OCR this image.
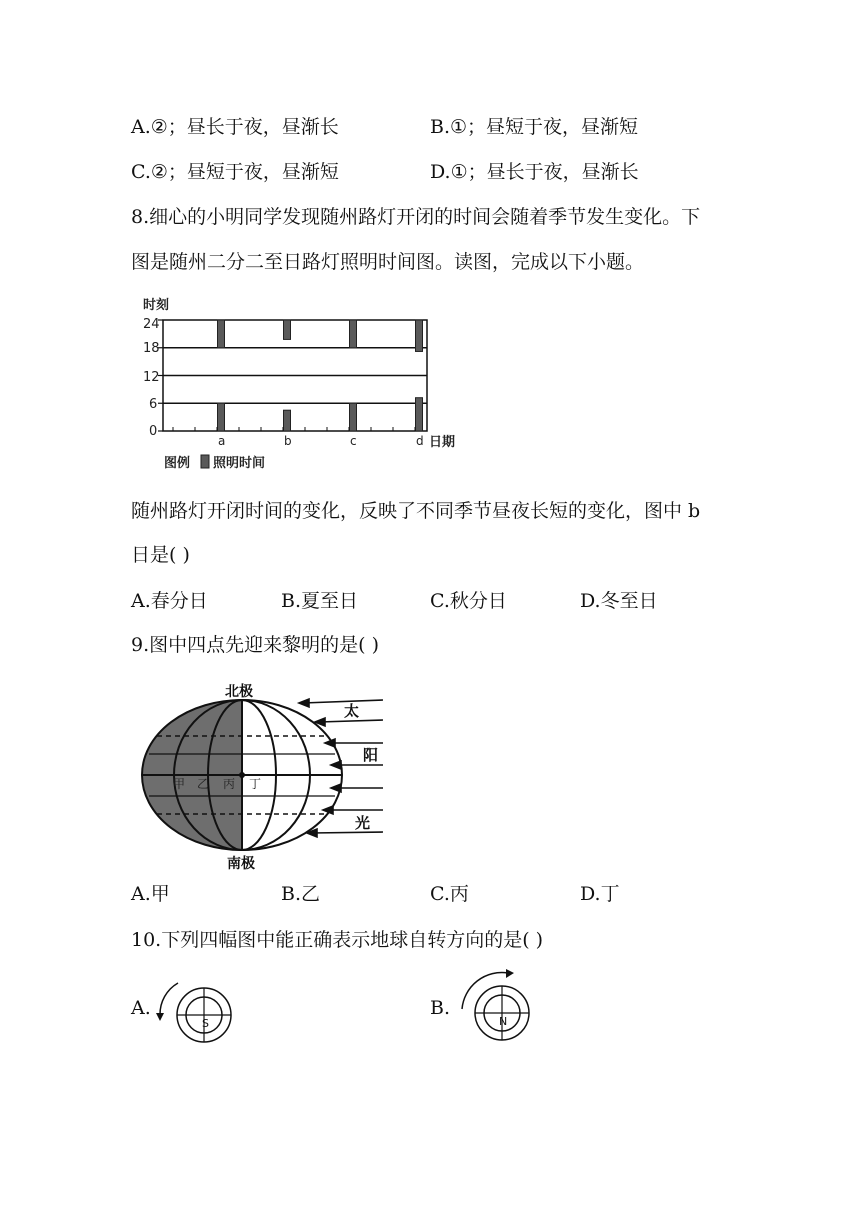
A.②；昼长于夜，昼渐长	B.①；昼短于夜，昼渐短
C.②；昼短于夜，昼渐短	D.①；昼长于夜，昼渐长
8.细心的小明同学发现随州路灯开闭的时间会随着季节发生变化。下
图是随州二分二至日路灯照明时间图。读图，完成以下小题。
时刻
24
18
12
6
0
a	b	c	d 日期
图例 照明时间
随州路灯开闭时间的变化，反映了不同季节昼夜长短的变化，图中 b
日是( )
A.春分日	B.夏至日	C.秋分日	D.冬至日
9.图中四点先迎来黎明的是( )
北极
南极
甲 乙 丙 丁
太
阳
光
A.甲	B.乙	C.丙	D.丁
10.下列四幅图中能正确表示地球自转方向的是( )
A.
S
B.
N
